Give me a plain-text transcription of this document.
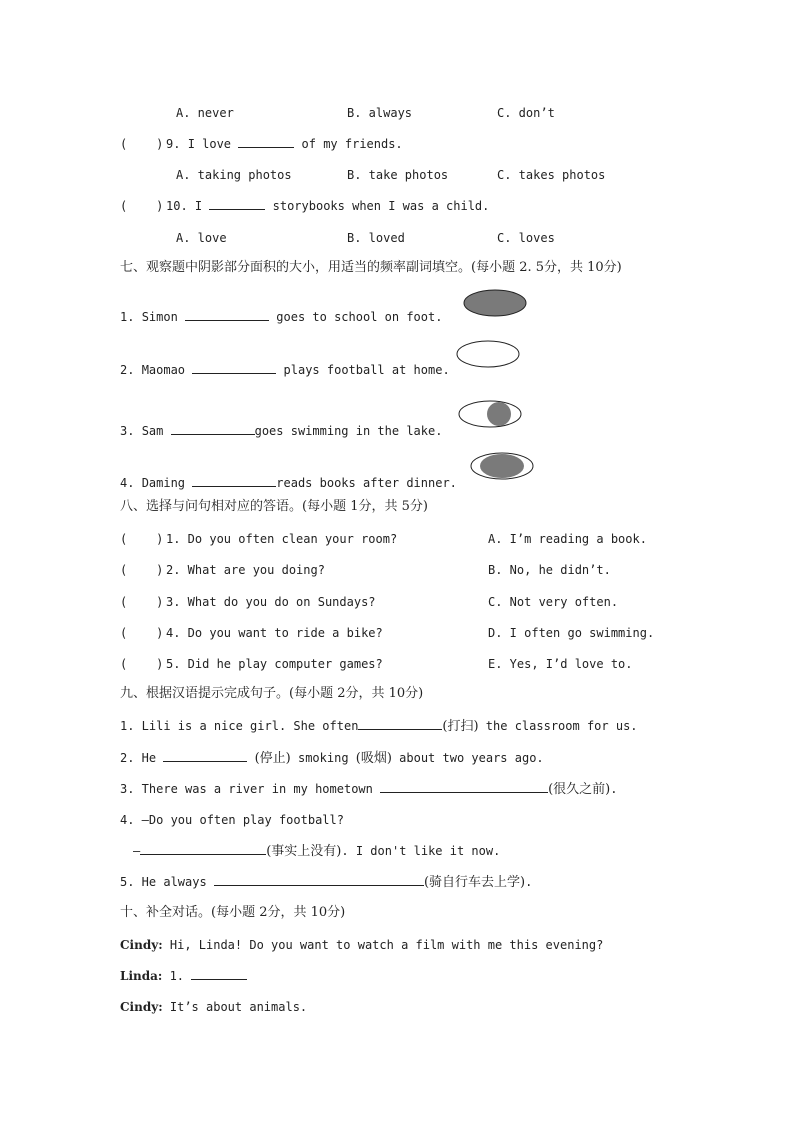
A. never	B. always	C. don’t
(    ) 9. I love	of my friends.
A. taking photos	B. take photos	C. takes photos
(    ) 10. I	storybooks when I was a child.
A. love	B. loved	C. loves
七、观察题中阴影部分面积的大小，用适当的频率副词填空。(每小题 2. 5分，共 10分)
1. Simon	goes to school on foot.
2. Maomao	plays football at home.
3. Sam	goes swimming in the lake.
4. Daming	reads books after dinner.
八、选择与问句相对应的答语。(每小题 1分，共 5分)
(    ) 1. Do you often clean your room?	A. I’m reading a book.
(    ) 2. What are you doing?	B. No, he didn’t.
(    ) 3. What do you do on Sundays?	C. Not very often.
(    ) 4. Do you want to ride a bike?	D. I often go swimming.
(    ) 5. Did he play computer games?	E. Yes, I’d love to.
九、根据汉语提示完成句子。(每小题 2分，共 10分)
1. Lili is a nice girl. She often	(打扫) the classroom for us.
2. He	(停止) smoking (吸烟) about two years ago.
3. There was a river in my hometown	(很久之前).
4. —Do you often play football?
—	(事实上没有). I don't like it now.
5. He always	(骑自行车去上学).
十、补全对话。(每小题 2分，共 10分)
Cindy: Hi, Linda! Do you want to watch a film with me this evening?
Linda: 1.
Cindy: It’s about animals.
